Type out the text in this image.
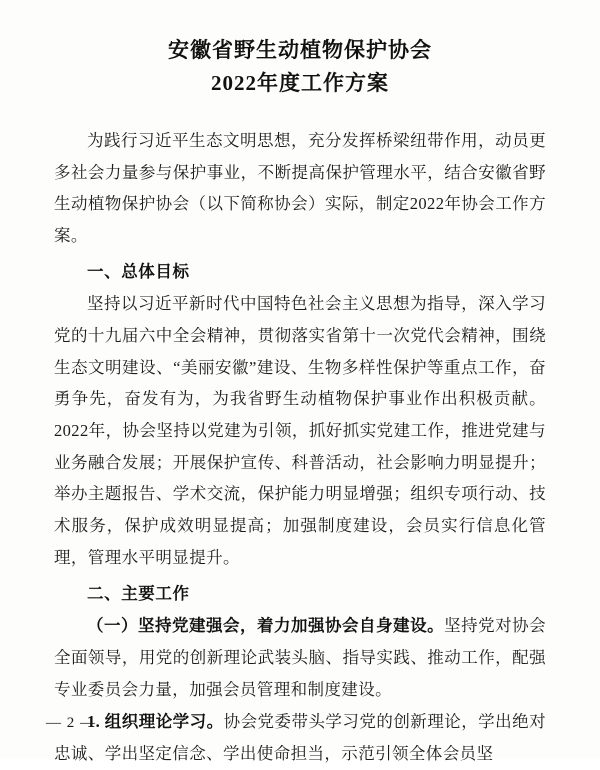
安徽省野生动植物保护协会
2022年度工作方案

为践行习近平生态文明思想，充分发挥桥梁纽带作用，动员更多社会力量参与保护事业，不断提高保护管理水平，结合安徽省野生动植物保护协会（以下简称协会）实际，制定2022年协会工作方案。

一、总体目标

坚持以习近平新时代中国特色社会主义思想为指导，深入学习党的十九届六中全会精神，贯彻落实省第十一次党代会精神，围绕生态文明建设、“美丽安徽”建设、生物多样性保护等重点工作，奋勇争先，奋发有为，为我省野生动植物保护事业作出积极贡献。2022年，协会坚持以党建为引领，抓好抓实党建工作，推进党建与业务融合发展；开展保护宣传、科普活动，社会影响力明显提升；举办主题报告、学术交流，保护能力明显增强；组织专项行动、技术服务，保护成效明显提高；加强制度建设，会员实行信息化管理，管理水平明显提升。

二、主要工作

（一）坚持党建强会，着力加强协会自身建设。坚持党对协会全面领导，用党的创新理论武装头脑、指导实践、推动工作，配强专业委员会力量，加强会员管理和制度建设。

1. 组织理论学习。协会党委带头学习党的创新理论，学出绝对忠诚、学出坚定信念、学出使命担当，示范引领全体会员坚

— 2 —
